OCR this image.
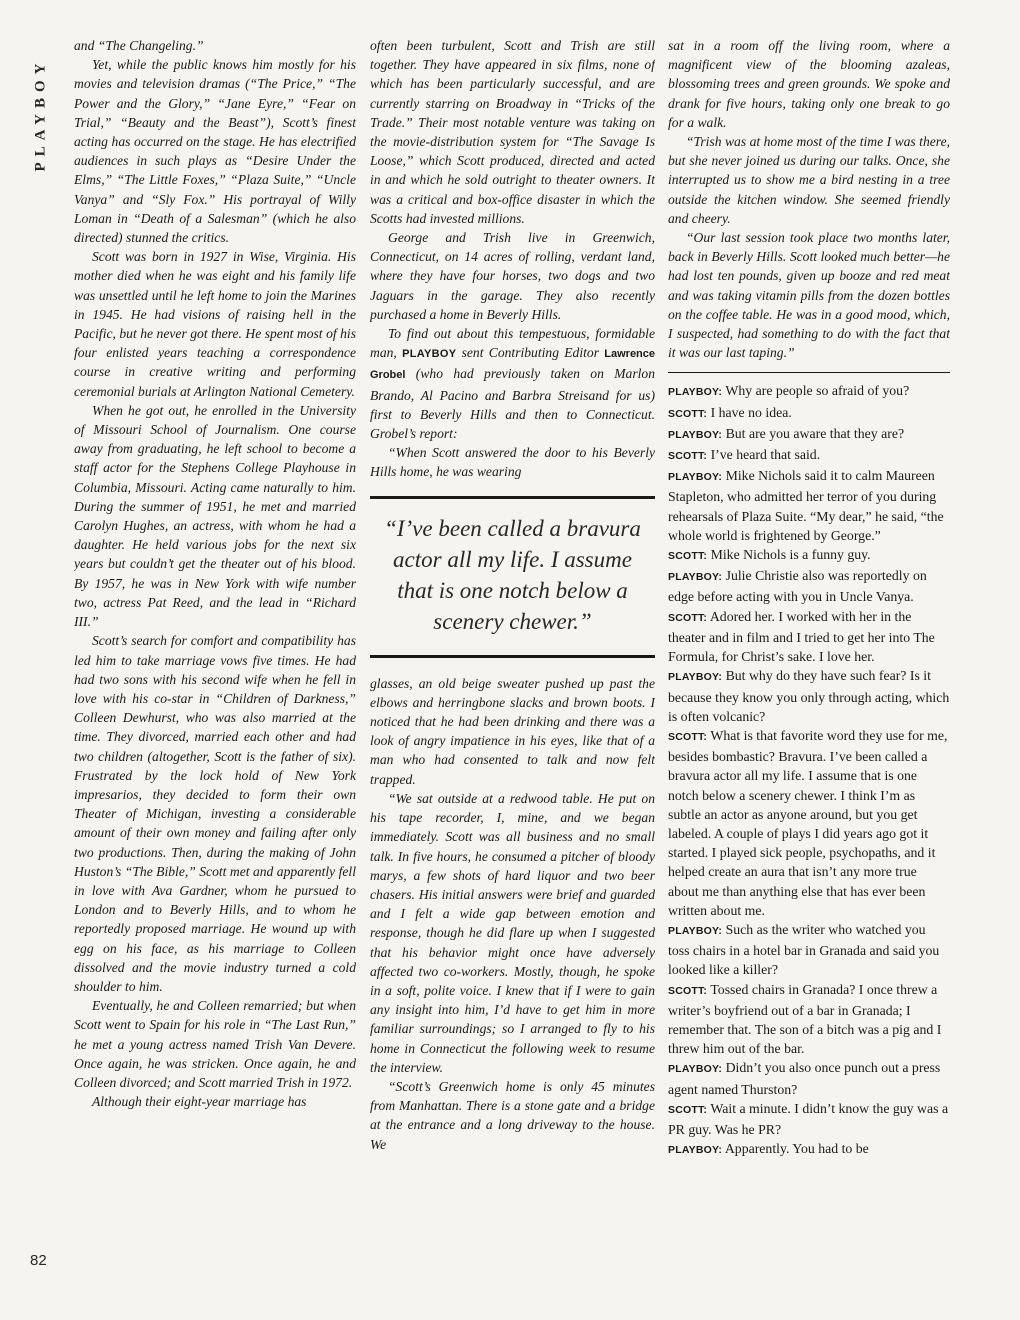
PLAYBOY
82

and “The Changeling.”

Yet, while the public knows him mostly for his movies and television dramas (“The Price,” “The Power and the Glory,” “Jane Eyre,” “Fear on Trial,” “Beauty and the Beast”), Scott’s finest acting has occurred on the stage. He has electrified audiences in such plays as “Desire Under the Elms,” “The Little Foxes,” “Plaza Suite,” “Uncle Vanya” and “Sly Fox.” His portrayal of Willy Loman in “Death of a Salesman” (which he also directed) stunned the critics.

Scott was born in 1927 in Wise, Virginia. His mother died when he was eight and his family life was unsettled until he left home to join the Marines in 1945. He had visions of raising hell in the Pacific, but he never got there. He spent most of his four enlisted years teaching a correspondence course in creative writing and performing ceremonial burials at Arlington National Cemetery.

When he got out, he enrolled in the University of Missouri School of Journalism. One course away from graduating, he left school to become a staff actor for the Stephens College Playhouse in Columbia, Missouri. Acting came naturally to him. During the summer of 1951, he met and married Carolyn Hughes, an actress, with whom he had a daughter. He held various jobs for the next six years but couldn’t get the theater out of his blood. By 1957, he was in New York with wife number two, actress Pat Reed, and the lead in “Richard III.”

Scott’s search for comfort and compatibility has led him to take marriage vows five times. He had had two sons with his second wife when he fell in love with his co-star in “Children of Darkness,” Colleen Dewhurst, who was also married at the time. They divorced, married each other and had two children (altogether, Scott is the father of six). Frustrated by the lock hold of New York impresarios, they decided to form their own Theater of Michigan, investing a considerable amount of their own money and failing after only two productions. Then, during the making of John Huston’s “The Bible,” Scott met and apparently fell in love with Ava Gardner, whom he pursued to London and to Beverly Hills, and to whom he reportedly proposed marriage. He wound up with egg on his face, as his marriage to Colleen dissolved and the movie industry turned a cold shoulder to him.

Eventually, he and Colleen remarried; but when Scott went to Spain for his role in “The Last Run,” he met a young actress named Trish Van Devere. Once again, he was stricken. Once again, he and Colleen divorced; and Scott married Trish in 1972.

Although their eight-year marriage has

often been turbulent, Scott and Trish are still together. They have appeared in six films, none of which has been particularly successful, and are currently starring on Broadway in “Tricks of the Trade.” Their most notable venture was taking on the movie-distribution system for “The Savage Is Loose,” which Scott produced, directed and acted in and which he sold outright to theater owners. It was a critical and box-office disaster in which the Scotts had invested millions.

George and Trish live in Greenwich, Connecticut, on 14 acres of rolling, verdant land, where they have four horses, two dogs and two Jaguars in the garage. They also recently purchased a home in Beverly Hills.

To find out about this tempestuous, formidable man, PLAYBOY sent Contributing Editor Lawrence Grobel (who had previously taken on Marlon Brando, Al Pacino and Barbra Streisand for us) first to Beverly Hills and then to Connecticut. Grobel’s report:

“When Scott answered the door to his Beverly Hills home, he was wearing

“I’ve been called a bravura actor all my life. I assume that is one notch below a scenery chewer.”

glasses, an old beige sweater pushed up past the elbows and herringbone slacks and brown boots. I noticed that he had been drinking and there was a look of angry impatience in his eyes, like that of a man who had consented to talk and now felt trapped.

“We sat outside at a redwood table. He put on his tape recorder, I, mine, and we began immediately. Scott was all business and no small talk. In five hours, he consumed a pitcher of bloody marys, a few shots of hard liquor and two beer chasers. His initial answers were brief and guarded and I felt a wide gap between emotion and response, though he did flare up when I suggested that his behavior might once have adversely affected two co-workers. Mostly, though, he spoke in a soft, polite voice. I knew that if I were to gain any insight into him, I’d have to get him in more familiar surroundings; so I arranged to fly to his home in Connecticut the following week to resume the interview.

“Scott’s Greenwich home is only 45 minutes from Manhattan. There is a stone gate and a bridge at the entrance and a long driveway to the house. We

sat in a room off the living room, where a magnificent view of the blooming azaleas, blossoming trees and green grounds. We spoke and drank for five hours, taking only one break to go for a walk.

“Trish was at home most of the time I was there, but she never joined us during our talks. Once, she interrupted us to show me a bird nesting in a tree outside the kitchen window. She seemed friendly and cheery.

“Our last session took place two months later, back in Beverly Hills. Scott looked much better—he had lost ten pounds, given up booze and red meat and was taking vitamin pills from the dozen bottles on the coffee table. He was in a good mood, which, I suspected, had something to do with the fact that it was our last taping.”

PLAYBOY: Why are people so afraid of you?

SCOTT: I have no idea.

PLAYBOY: But are you aware that they are?

SCOTT: I’ve heard that said.

PLAYBOY: Mike Nichols said it to calm Maureen Stapleton, who admitted her terror of you during rehearsals of Plaza Suite. “My dear,” he said, “the whole world is frightened by George.”

SCOTT: Mike Nichols is a funny guy.

PLAYBOY: Julie Christie also was reportedly on edge before acting with you in Uncle Vanya.

SCOTT: Adored her. I worked with her in the theater and in film and I tried to get her into The Formula, for Christ’s sake. I love her.

PLAYBOY: But why do they have such fear? Is it because they know you only through acting, which is often volcanic?

SCOTT: What is that favorite word they use for me, besides bombastic? Bravura. I’ve been called a bravura actor all my life. I assume that is one notch below a scenery chewer. I think I’m as subtle an actor as anyone around, but you get labeled. A couple of plays I did years ago got it started. I played sick people, psychopaths, and it helped create an aura that isn’t any more true about me than anything else that has ever been written about me.

PLAYBOY: Such as the writer who watched you toss chairs in a hotel bar in Granada and said you looked like a killer?

SCOTT: Tossed chairs in Granada? I once threw a writer’s boyfriend out of a bar in Granada; I remember that. The son of a bitch was a pig and I threw him out of the bar.

PLAYBOY: Didn’t you also once punch out a press agent named Thurston?

SCOTT: Wait a minute. I didn’t know the guy was a PR guy. Was he PR?

PLAYBOY: Apparently. You had to be
